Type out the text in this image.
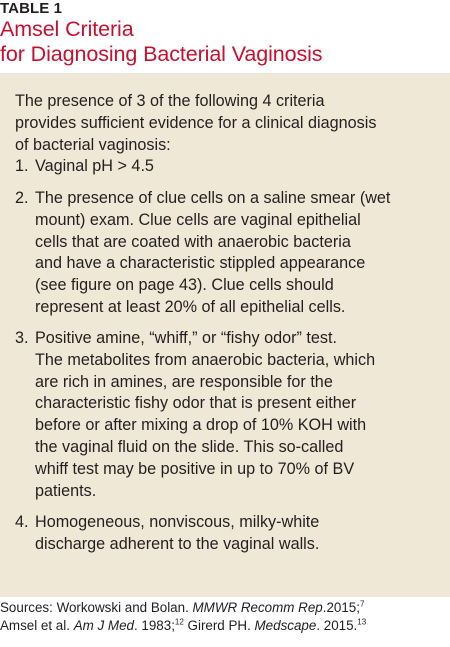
TABLE 1
Amsel Criteria
for Diagnosing Bacterial Vaginosis
The presence of 3 of the following 4 criteria
provides sufficient evidence for a clinical diagnosis
of bacterial vaginosis:
1. Vaginal pH > 4.5
2. The presence of clue cells on a saline smear (wet
mount) exam. Clue cells are vaginal epithelial
cells that are coated with anaerobic bacteria
and have a characteristic stippled appearance
(see figure on page 43). Clue cells should
represent at least 20% of all epithelial cells.
3. Positive amine, “whiff,” or “fishy odor” test.
The metabolites from anaerobic bacteria, which
are rich in amines, are responsible for the
characteristic fishy odor that is present either
before or after mixing a drop of 10% KOH with
the vaginal fluid on the slide. This so-called
whiff test may be positive in up to 70% of BV
patients.
4. Homogeneous, nonviscous, milky-white
discharge adherent to the vaginal walls.
Sources: Workowski and Bolan. MMWR Recomm Rep.2015;$^7$
Amsel et al. Am J Med. 1983;$^{12}$ Girerd PH. Medscape. 2015.13
